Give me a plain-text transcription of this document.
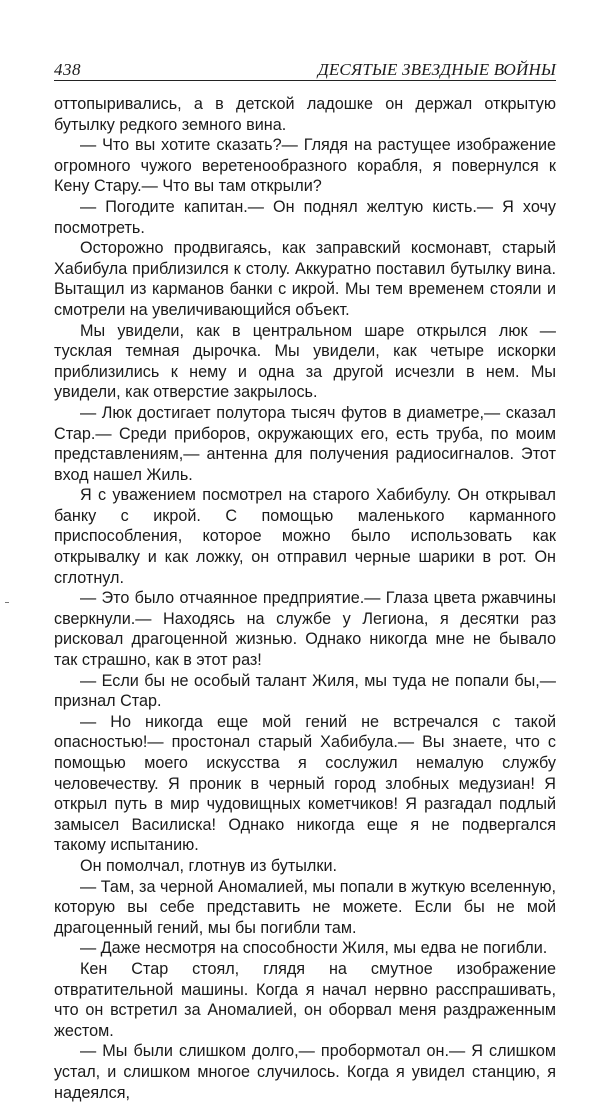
438	ДЕСЯТЫЕ ЗВЕЗДНЫЕ ВОЙНЫ

оттопыривались, а в детской ладошке он держал открытую бутылку редкого земного вина.

— Что вы хотите сказать?— Глядя на растущее изображение огромного чужого веретенообразного корабля, я повернулся к Кену Стару.— Что вы там открыли?

— Погодите капитан.— Он поднял желтую кисть.— Я хочу посмотреть.

Осторожно продвигаясь, как заправский космонавт, старый Хабибула приблизился к столу. Аккуратно поставил бутылку вина. Вытащил из карманов банки с икрой. Мы тем временем стояли и смотрели на увеличивающийся объект.

Мы увидели, как в центральном шаре открылся люк — тусклая темная дырочка. Мы увидели, как четыре искорки приблизились к нему и одна за другой исчезли в нем. Мы увидели, как отверстие закрылось.

— Люк достигает полутора тысяч футов в диаметре,— сказал Стар.— Среди приборов, окружающих его, есть труба, по моим представлениям,— антенна для получения радиосигналов. Этот вход нашел Жиль.

Я с уважением посмотрел на старого Хабибулу. Он открывал банку с икрой. С помощью маленького карманного приспособления, которое можно было использовать как открывалку и как ложку, он отправил черные шарики в рот. Он сглотнул.

— Это было отчаянное предприятие.— Глаза цвета ржавчины сверкнули.— Находясь на службе у Легиона, я десятки раз рисковал драгоценной жизнью. Однако никогда мне не бывало так страшно, как в этот раз!

— Если бы не особый талант Жиля, мы туда не попали бы,— признал Стар.

— Но никогда еще мой гений не встречался с такой опасностью!— простонал старый Хабибула.— Вы знаете, что с помощью моего искусства я сослужил немалую службу человечеству. Я проник в черный город злобных медузиан! Я открыл путь в мир чудовищных кометчиков! Я разгадал подлый замысел Василиска! Однако никогда еще я не подвергался такому испытанию.

Он помолчал, глотнув из бутылки.

— Там, за черной Аномалией, мы попали в жуткую вселенную, которую вы себе представить не можете. Если бы не мой драгоценный гений, мы бы погибли там.

— Даже несмотря на способности Жиля, мы едва не погибли.

Кен Стар стоял, глядя на смутное изображение отвратительной машины. Когда я начал нервно расспрашивать, что он встретил за Аномалией, он оборвал меня раздраженным жестом.

— Мы были слишком долго,— пробормотал он.— Я слишком устал, и слишком многое случилось. Когда я увидел станцию, я надеялся,
